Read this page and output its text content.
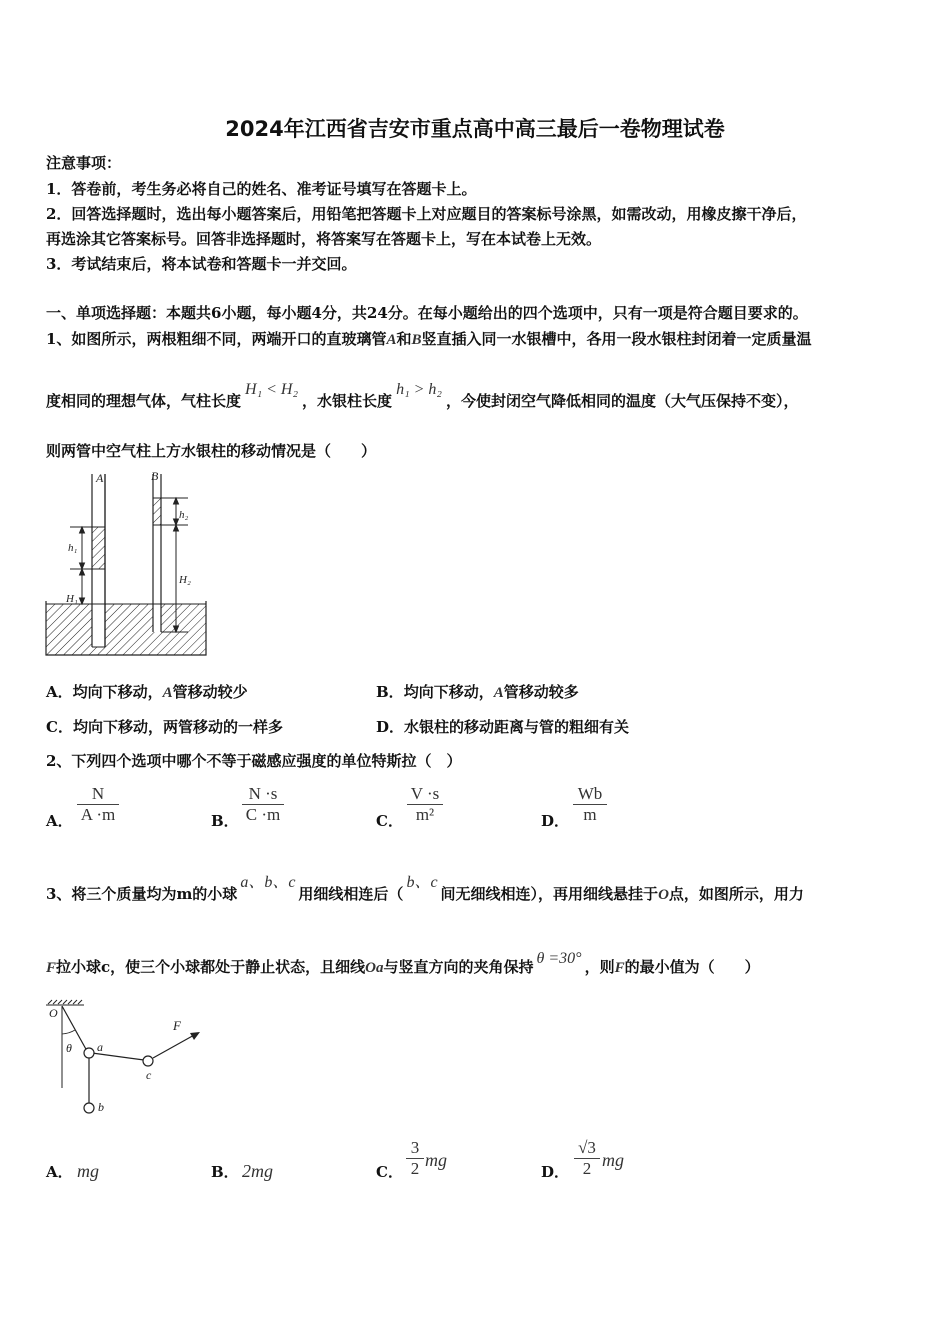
2024年江西省吉安市重点高中高三最后一卷物理试卷
注意事项：
1．答卷前，考生务必将自己的姓名、准考证号填写在答题卡上。
2．回答选择题时，选出每小题答案后，用铅笔把答题卡上对应题目的答案标号涂黑，如需改动，用橡皮擦干净后，
再选涂其它答案标号。回答非选择题时，将答案写在答题卡上，写在本试卷上无效。
3．考试结束后，将本试卷和答题卡一并交回。
一、单项选择题：本题共6小题，每小题4分，共24分。在每小题给出的四个选项中，只有一项是符合题目要求的。
1、如图所示，两根粗细不同，两端开口的直玻璃管A和B竖直插入同一水银槽中，各用一段水银柱封闭着一定质量温
度相同的理想气体，气柱长度H₁ < H₂，水银柱长度h₁ > h₂，今使封闭空气降低相同的温度（大气压保持不变），
则两管中空气柱上方水银柱的移动情况是（　　）
A	B
h₁
H₁
h₂
H₂
A．均向下移动，A管移动较少	B．均向下移动，A管移动较多
C．均向下移动，两管移动的一样多	D．水银柱的移动距离与管的粗细有关
2、下列四个选项中哪个不等于磁感应强度的单位特斯拉（　）
A． $\frac{N}{A \cdot m}$	B． $\frac{N \cdot s}{C \cdot m}$	C． $\frac{V \cdot s}{\text{m²}}$	D． $\frac{Wb}{m}$
3、将三个质量均为m的小球a、b、c用细线相连后（b、c间无细线相连），再用细线悬挂于O点，如图所示，用力
F拉小球c，使三个小球都处于静止状态，且细线Oa与竖直方向的夹角保持 θ =30° ，则F的最小值为（　　）
O
θ a
b
c
F
A． mg	B． 2mg	C． $\frac{3}{2}$ mg
D． $\frac{√3}{2}$ mg
